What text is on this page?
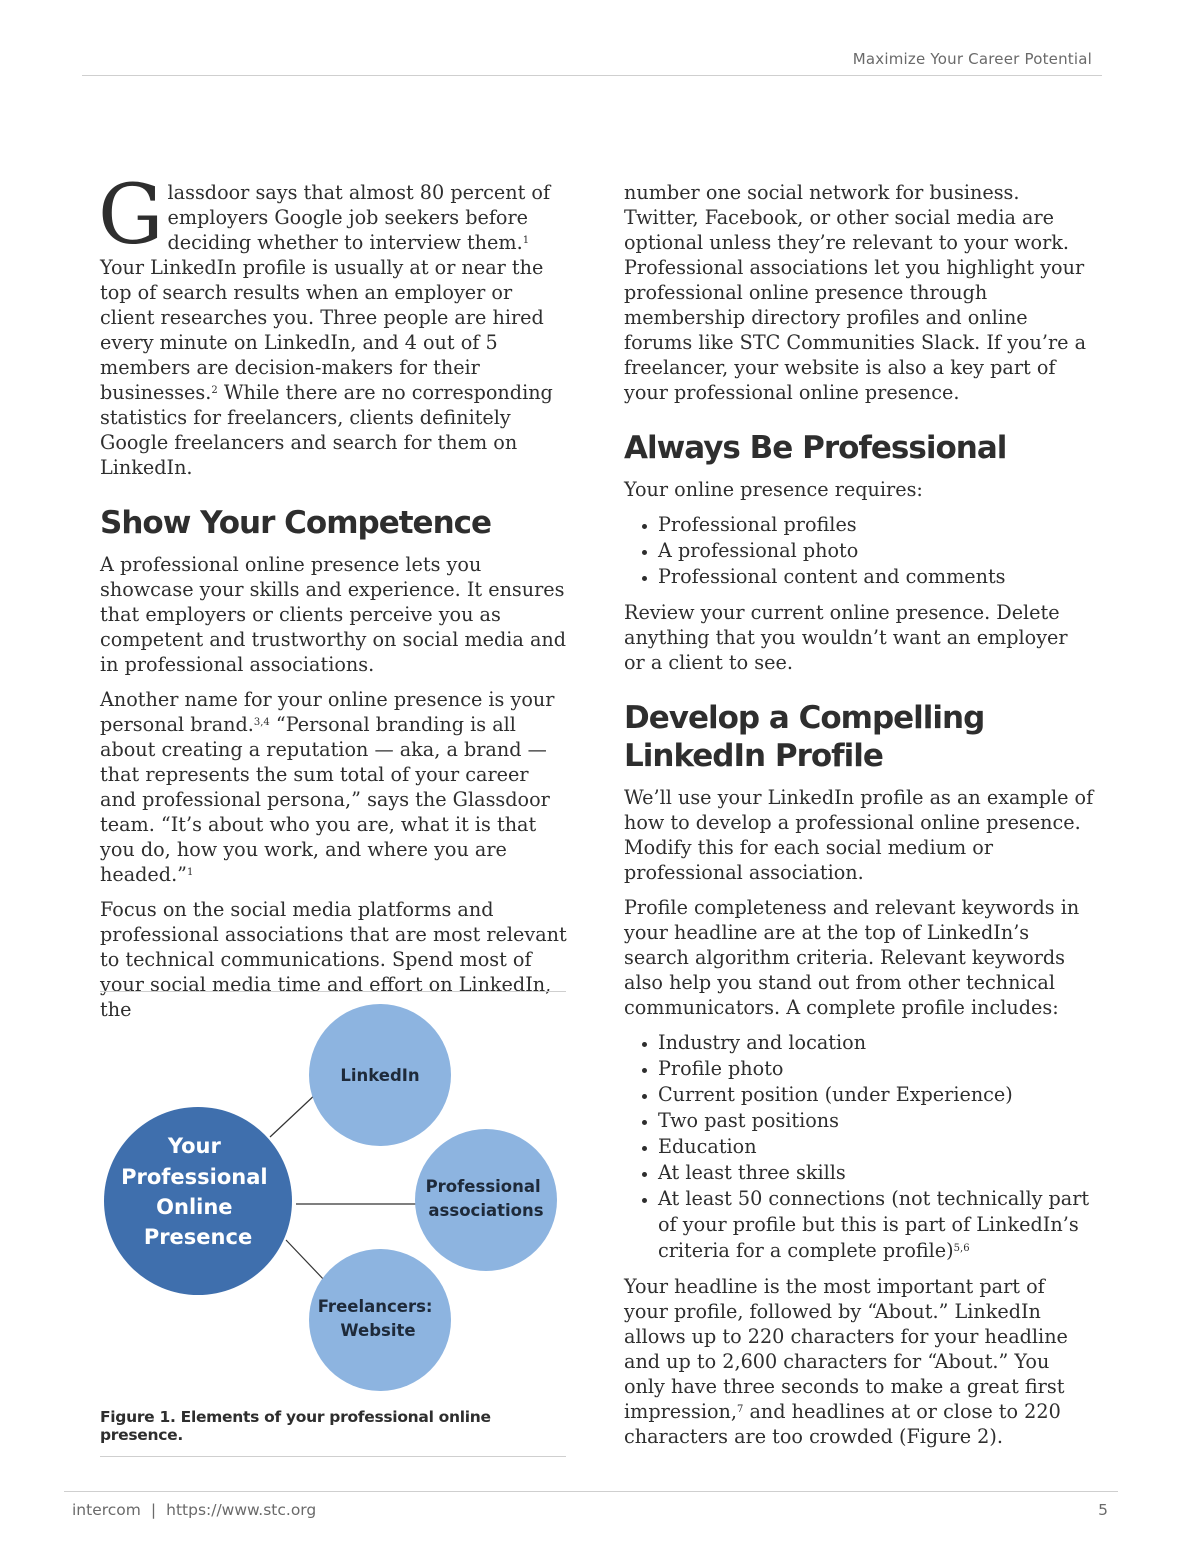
Maximize Your Career Potential

Glassdoor says that almost 80 percent of employers Google job seekers before deciding whether to interview them.$^1$ Your LinkedIn profile is usually at or near the top of search results when an employer or client researches you. Three people are hired every minute on LinkedIn, and 4 out of 5 members are decision-makers for their businesses.$^2$ While there are no corresponding statistics for freelancers, clients definitely Google freelancers and search for them on LinkedIn.

Show Your Competence

A professional online presence lets you showcase your skills and experience. It ensures that employers or clients perceive you as competent and trustworthy on social media and in professional associations.

Another name for your online presence is your personal brand.$^{3,4}$ “Personal branding is all about creating a reputation — aka, a brand — that represents the sum total of your career and professional persona,” says the Glassdoor team. “It’s about who you are, what it is that you do, how you work, and where you are headed.”$^1$

Focus on the social media platforms and professional associations that are most relevant to technical communications. Spend most of your social media time and effort on LinkedIn, the

Your Professional Online Presence
LinkedIn
Professional associations
Freelancers: Website
Figure 1. Elements of your professional online presence.

number one social network for business. Twitter, Facebook, or other social media are optional unless they’re relevant to your work. Professional associations let you highlight your professional online presence through membership directory profiles and online forums like STC Communities Slack. If you’re a freelancer, your website is also a key part of your professional online presence.

Always Be Professional

Your online presence requires:

• Professional profiles
• A professional photo
• Professional content and comments

Review your current online presence. Delete anything that you wouldn’t want an employer or a client to see.

Develop a Compelling
LinkedIn Profile

We’ll use your LinkedIn profile as an example of how to develop a professional online presence. Modify this for each social medium or professional association.

Profile completeness and relevant keywords in your headline are at the top of LinkedIn’s search algorithm criteria. Relevant keywords also help you stand out from other technical communicators. A complete profile includes:

• Industry and location
• Profile photo
• Current position (under Experience)
• Two past positions
• Education
• At least three skills
• At least 50 connections (not technically part of your profile but this is part of LinkedIn’s criteria for a complete profile)$^{5,6}$

Your headline is the most important part of your profile, followed by “About.” LinkedIn allows up to 220 characters for your headline and up to 2,600 characters for “About.” You only have three seconds to make a great first impression,$^7$ and headlines at or close to 220 characters are too crowded (Figure 2).

intercom | https://www.stc.org	5
